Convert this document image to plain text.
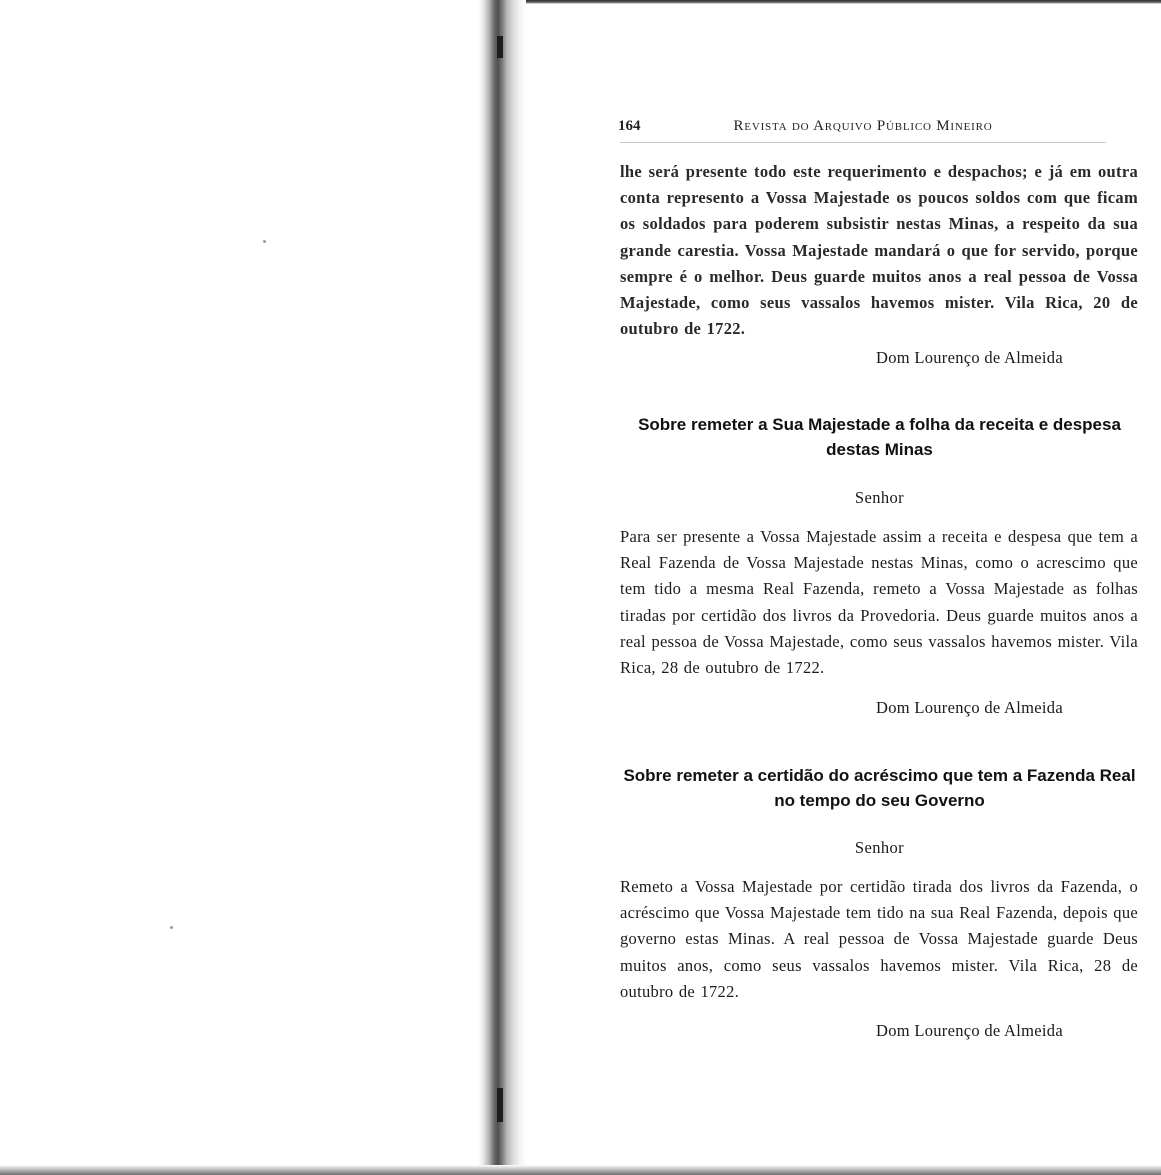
164	Revista do Arquivo Público Mineiro

lhe será presente todo este requerimento e despachos; e já em outra conta represento a Vossa Majestade os poucos soldos com que ficam os soldados para poderem subsistir nestas Minas, a respeito da sua grande carestia. Vossa Majestade mandará o que for servido, porque sempre é o melhor. Deus guarde muitos anos a real pessoa de Vossa Majestade, como seus vassalos havemos mister. Vila Rica, 20 de outubro de 1722.

Dom Lourenço de Almeida
Sobre remeter a Sua Majestade a folha da receita e despesa destas Minas
Senhor

Para ser presente a Vossa Majestade assim a receita e despesa que tem a Real Fazenda de Vossa Majestade nestas Minas, como o acrescimo que tem tido a mesma Real Fazenda, remeto a Vossa Majestade as folhas tiradas por certidão dos livros da Provedoria. Deus guarde muitos anos a real pessoa de Vossa Majestade, como seus vassalos havemos mister. Vila Rica, 28 de outubro de 1722.

Dom Lourenço de Almeida
Sobre remeter a certidão do acréscimo que tem a Fazenda Real no tempo do seu Governo
Senhor

Remeto a Vossa Majestade por certidão tirada dos livros da Fazenda, o acréscimo que Vossa Majestade tem tido na sua Real Fazenda, depois que governo estas Minas. A real pessoa de Vossa Majestade guarde Deus muitos anos, como seus vassalos havemos mister. Vila Rica, 28 de outubro de 1722.

Dom Lourenço de Almeida
